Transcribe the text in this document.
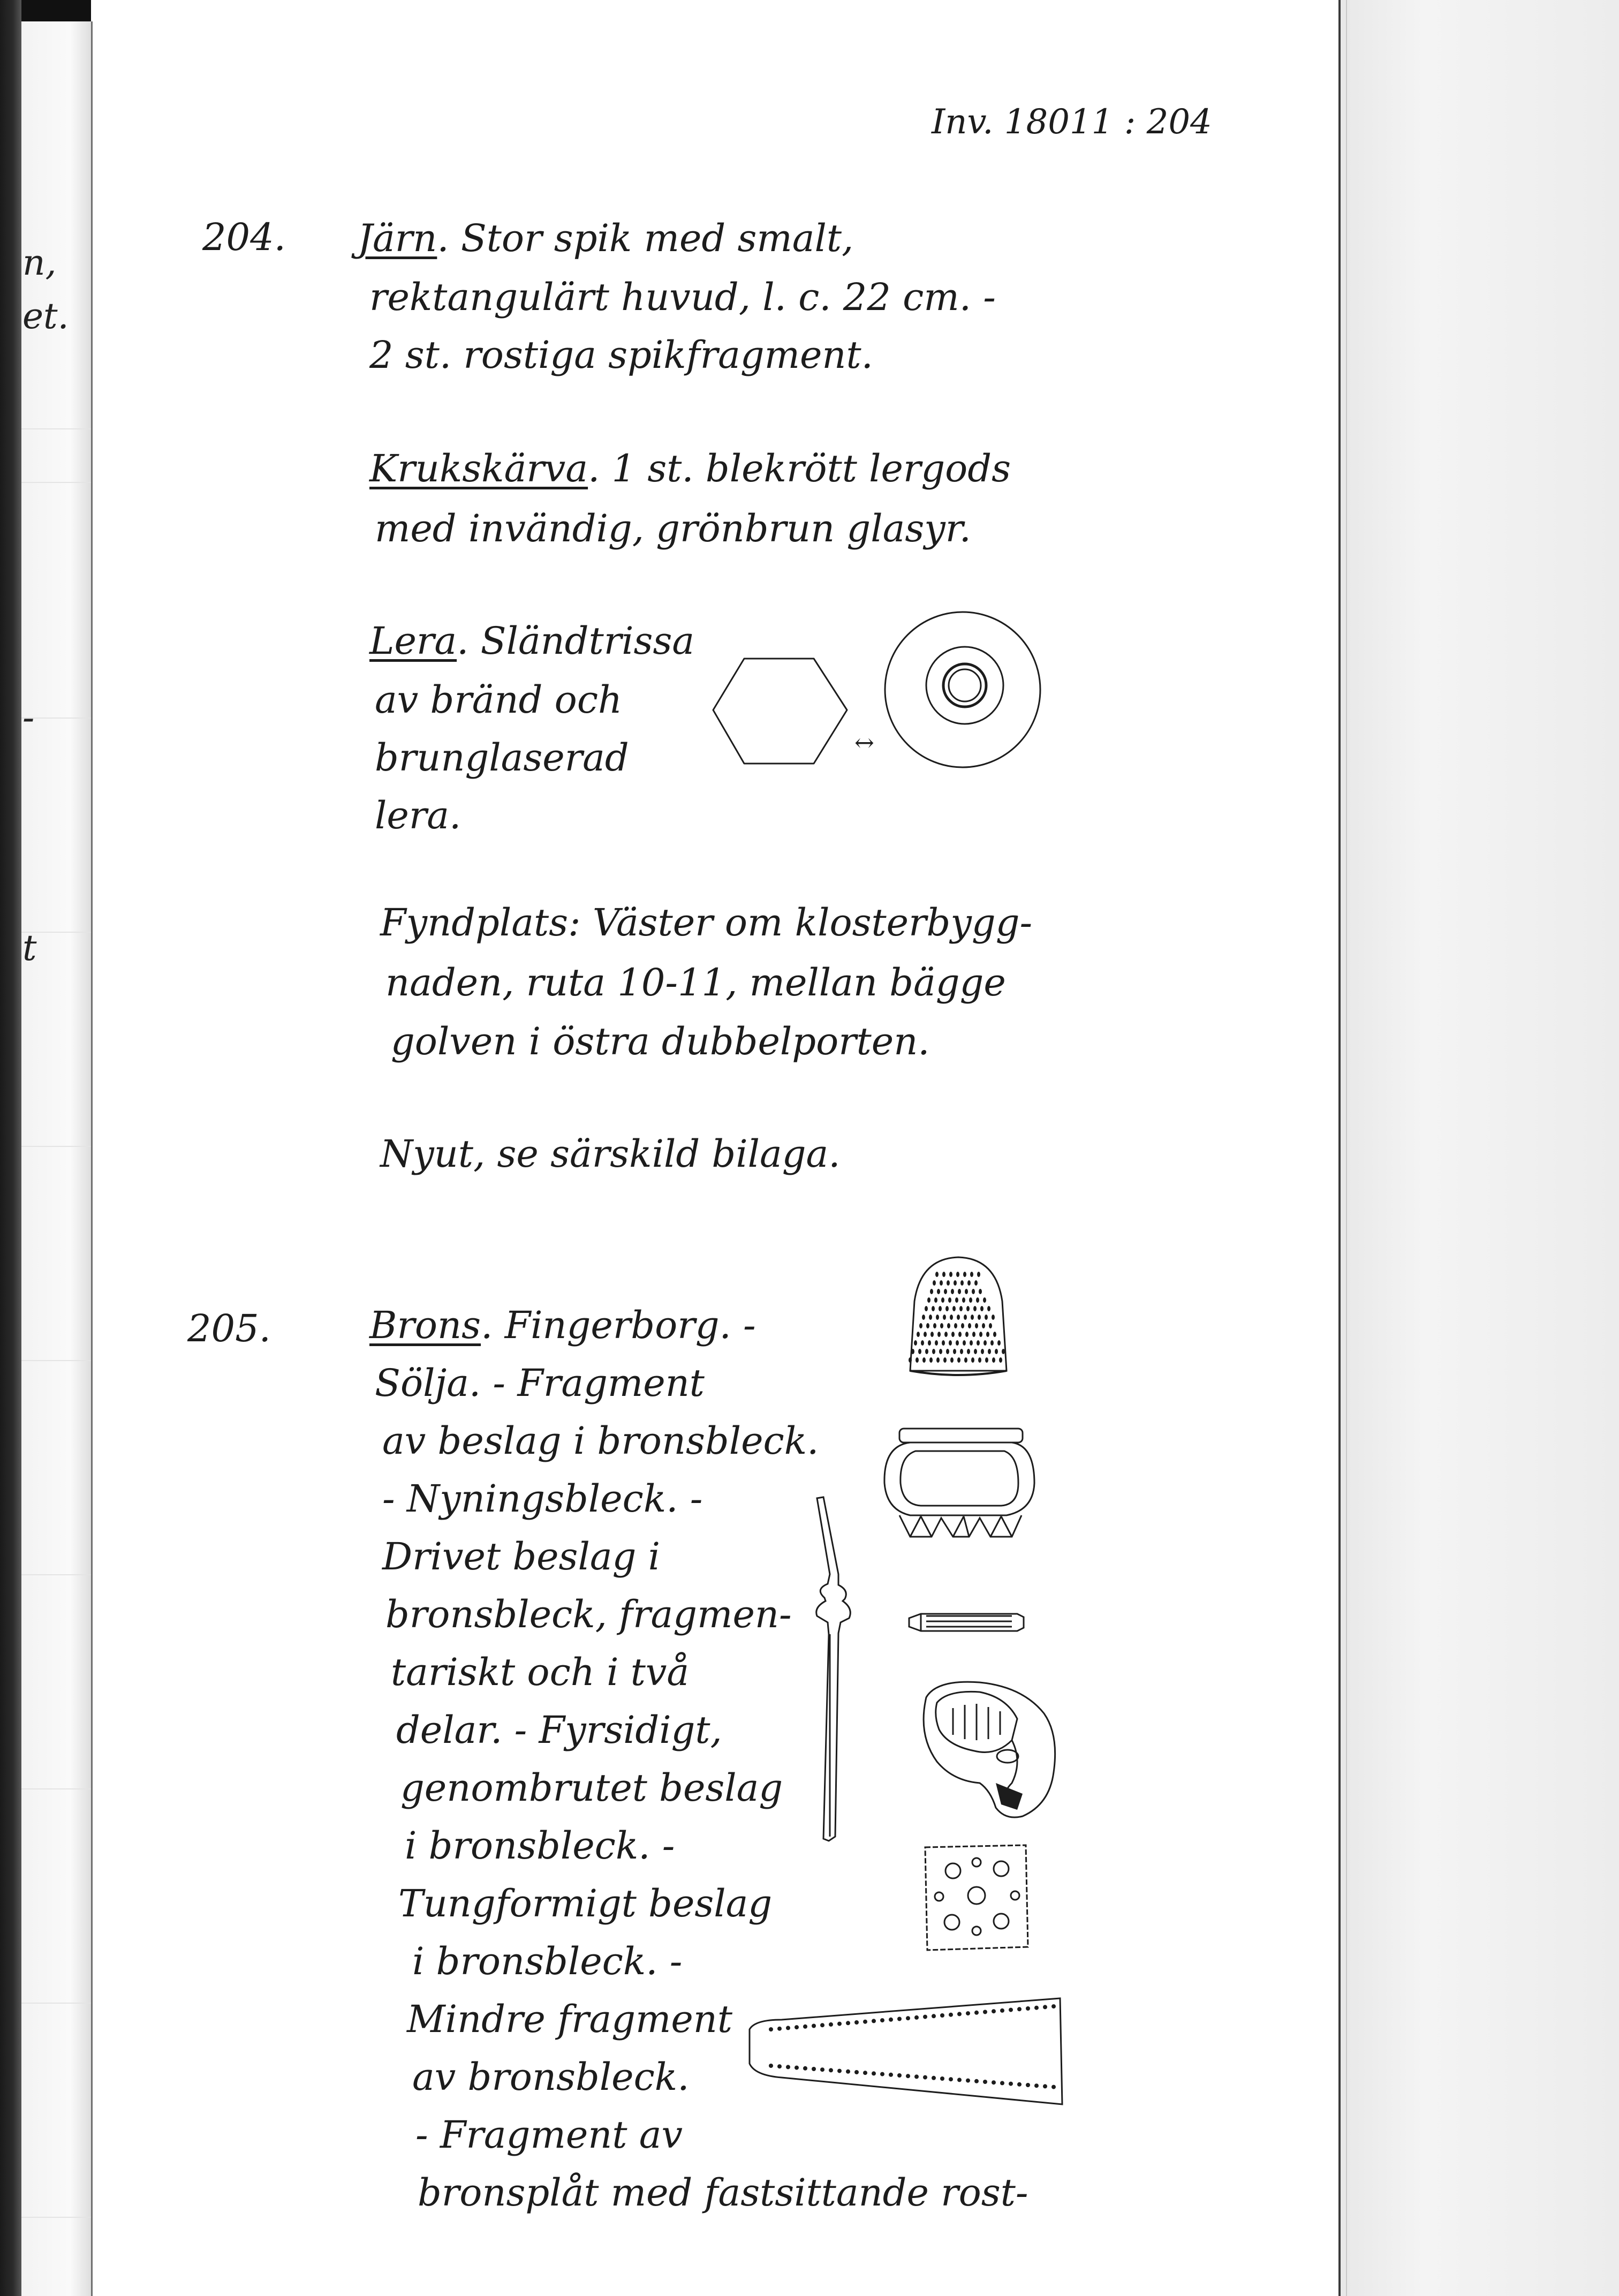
n,
et.
-
t
Inv. 18011 : 204
204. Järn. Stor spik med smalt,
rektangulärt huvud, l. c. 22 cm. -
2 st. rostiga spikfragment.
Krukskärva. 1 st. blekrött lergods
med invändig, grönbrun glasyr.
Lera. Sländtrissa
av bränd och
brunglaserad
lera.
↔
Fyndplats: Väster om klosterbygg-
naden, ruta 10-11, mellan bägge
golven i östra dubbelporten.
Nyut, se särskild bilaga.
205.	Brons. Fingerborg. -
Sölja. - Fragment
av beslag i bronsbleck.
- Nyningsbleck. -
Drivet beslag i
bronsbleck, fragmen-
tariskt och i två
delar. - Fyrsidigt,
genombrutet beslag
i bronsbleck. -
Tungformigt beslag
i bronsbleck. -
Mindre fragment
av bronsbleck.
- Fragment av
bronsplåt med fastsittande rost-
